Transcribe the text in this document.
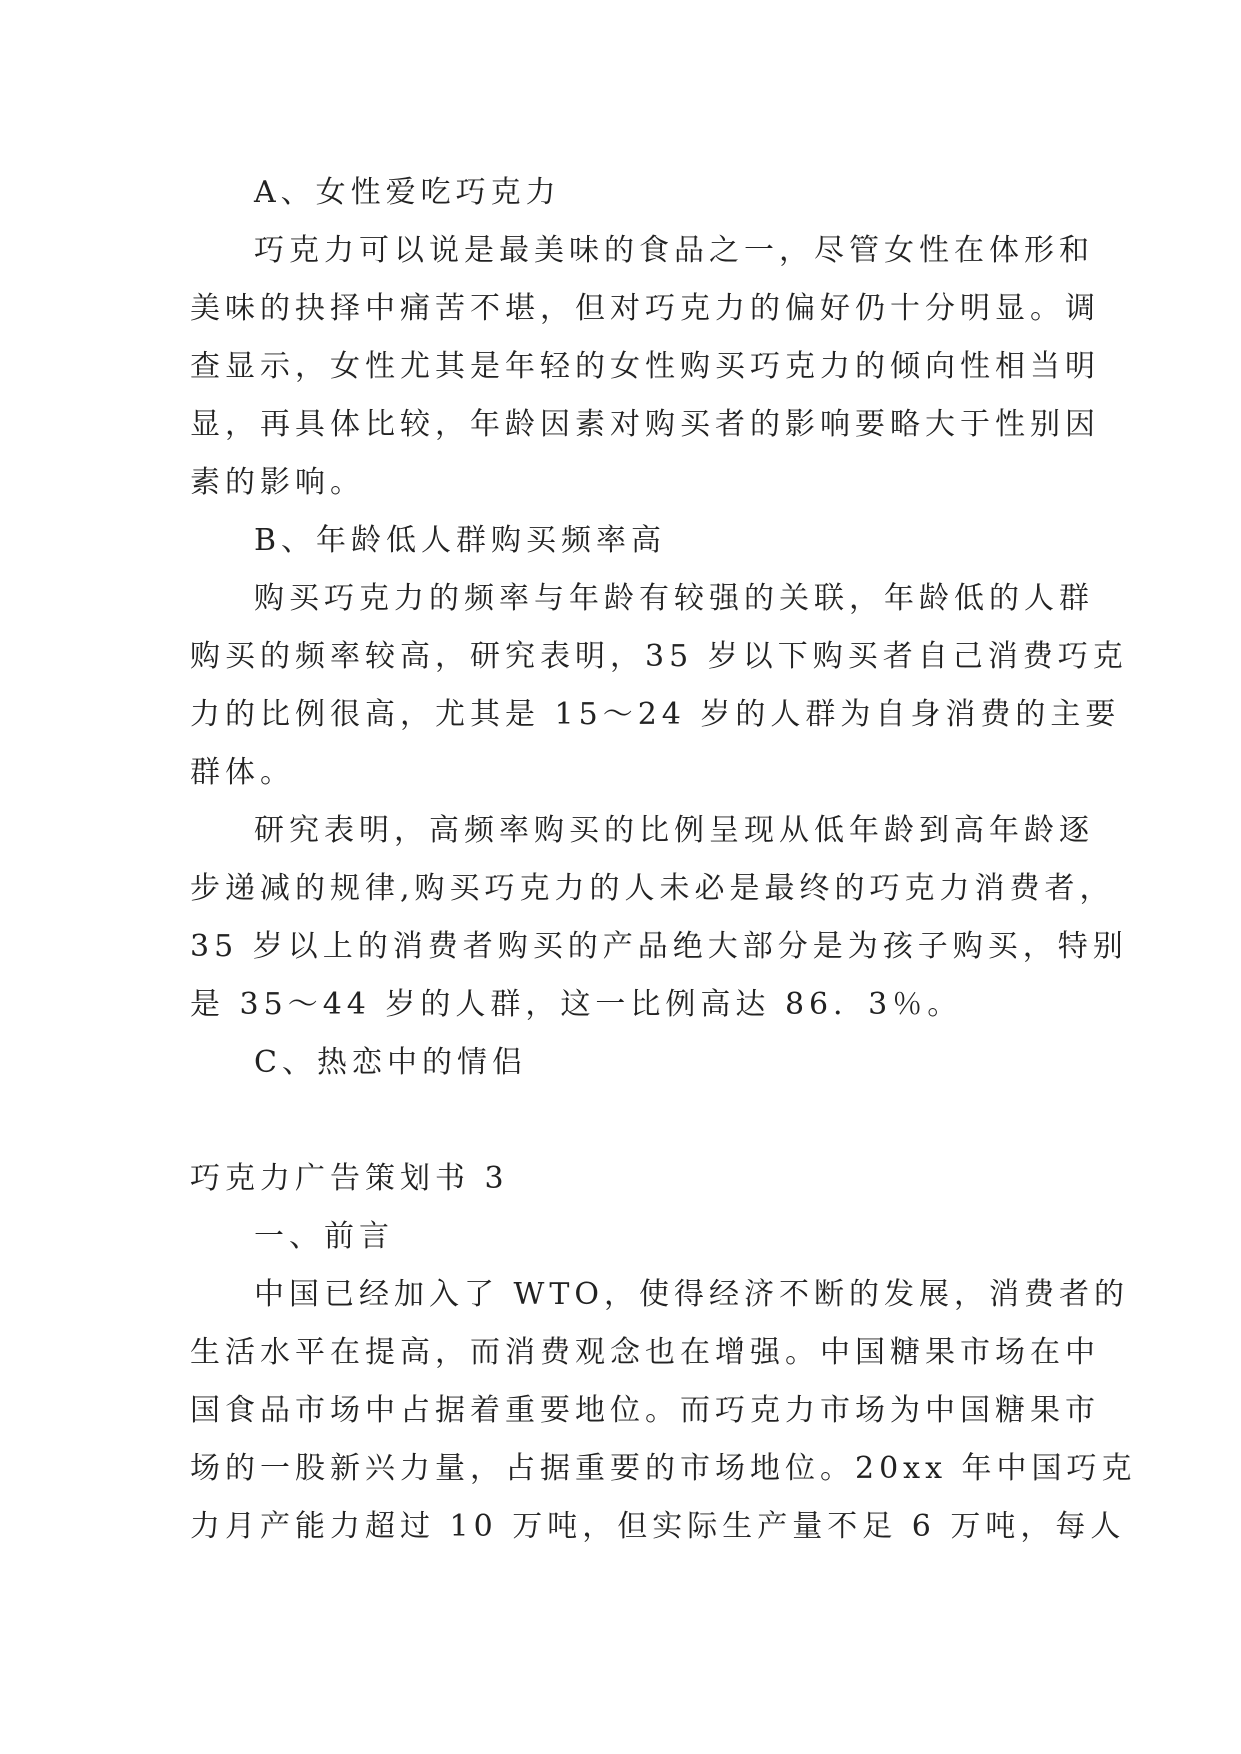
A、女性爱吃巧克力
巧克力可以说是最美味的食品之一，尽管女性在体形和
美味的抉择中痛苦不堪，但对巧克力的偏好仍十分明显。调
查显示，女性尤其是年轻的女性购买巧克力的倾向性相当明
显，再具体比较，年龄因素对购买者的影响要略大于性别因
素的影响。
B、年龄低人群购买频率高
购买巧克力的频率与年龄有较强的关联，年龄低的人群
购买的频率较高，研究表明，35 岁以下购买者自己消费巧克
力的比例很高，尤其是 15～24 岁的人群为自身消费的主要
群体。
研究表明，高频率购买的比例呈现从低年龄到高年龄逐
步递减的规律,购买巧克力的人未必是最终的巧克力消费者，
35 岁以上的消费者购买的产品绝大部分是为孩子购买，特别
是 35～44 岁的人群，这一比例高达 86．3％。
C、热恋中的情侣
巧克力广告策划书 3
一、前言
中国已经加入了 WTO，使得经济不断的发展，消费者的
生活水平在提高，而消费观念也在增强。中国糖果市场在中
国食品市场中占据着重要地位。而巧克力市场为中国糖果市
场的一股新兴力量，占据重要的市场地位。20xx 年中国巧克
力月产能力超过 10 万吨，但实际生产量不足 6 万吨，每人
